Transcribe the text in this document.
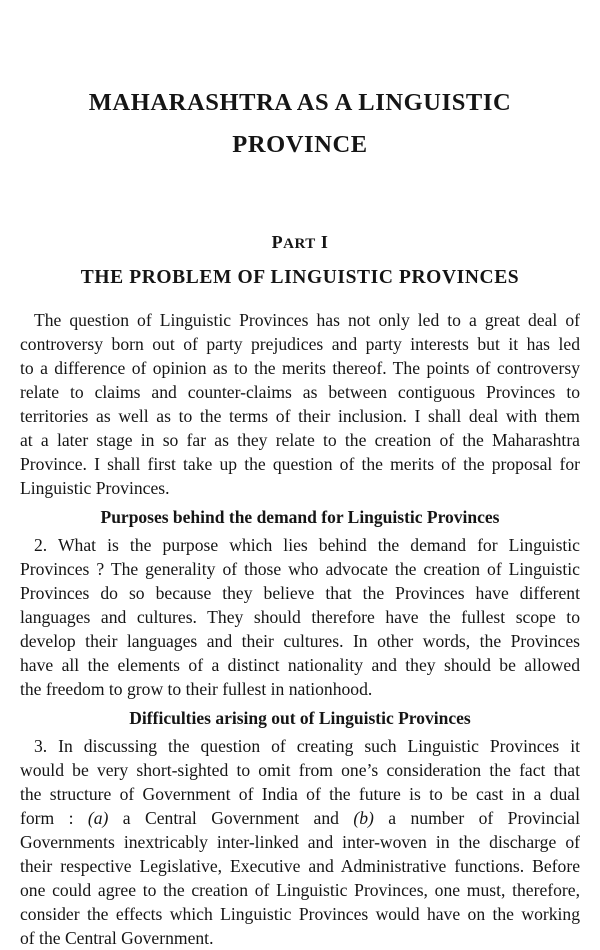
MAHARASHTRA AS A LINGUISTIC
PROVINCE
PART I
THE PROBLEM OF LINGUISTIC PROVINCES

The question of Linguistic Provinces has not only led to a great deal of
controversy born out of party prejudices and party interests but it has led
to a difference of opinion as to the merits thereof. The points of controversy
relate to claims and counter-claims as between contiguous Provinces to
territories as well as to the terms of their inclusion. I shall deal with them
at a later stage in so far as they relate to the creation of the Maharashtra
Province. I shall first take up the question of the merits of the proposal for
Linguistic Provinces.

Purposes behind the demand for Linguistic Provinces

2. What is the purpose which lies behind the demand for Linguistic
Provinces ? The generality of those who advocate the creation of Linguistic
Provinces do so because they believe that the Provinces have different
languages and cultures. They should therefore have the fullest scope to
develop their languages and their cultures. In other words, the Provinces
have all the elements of a distinct nationality and they should be allowed
the freedom to grow to their fullest in nationhood.

Difficulties arising out of Linguistic Provinces

3. In discussing the question of creating such Linguistic Provinces it
would be very short-sighted to omit from one’s consideration the fact that
the structure of Government of India of the future is to be cast in a dual
form : (a) a Central Government and (b) a number of Provincial
Governments inextricably inter-linked and inter-woven in the discharge of
their respective Legislative, Executive and Administrative functions. Before
one could agree to the creation of Linguistic Provinces, one must, therefore,
consider the effects which Linguistic Provinces would have on the working
of the Central Government.
